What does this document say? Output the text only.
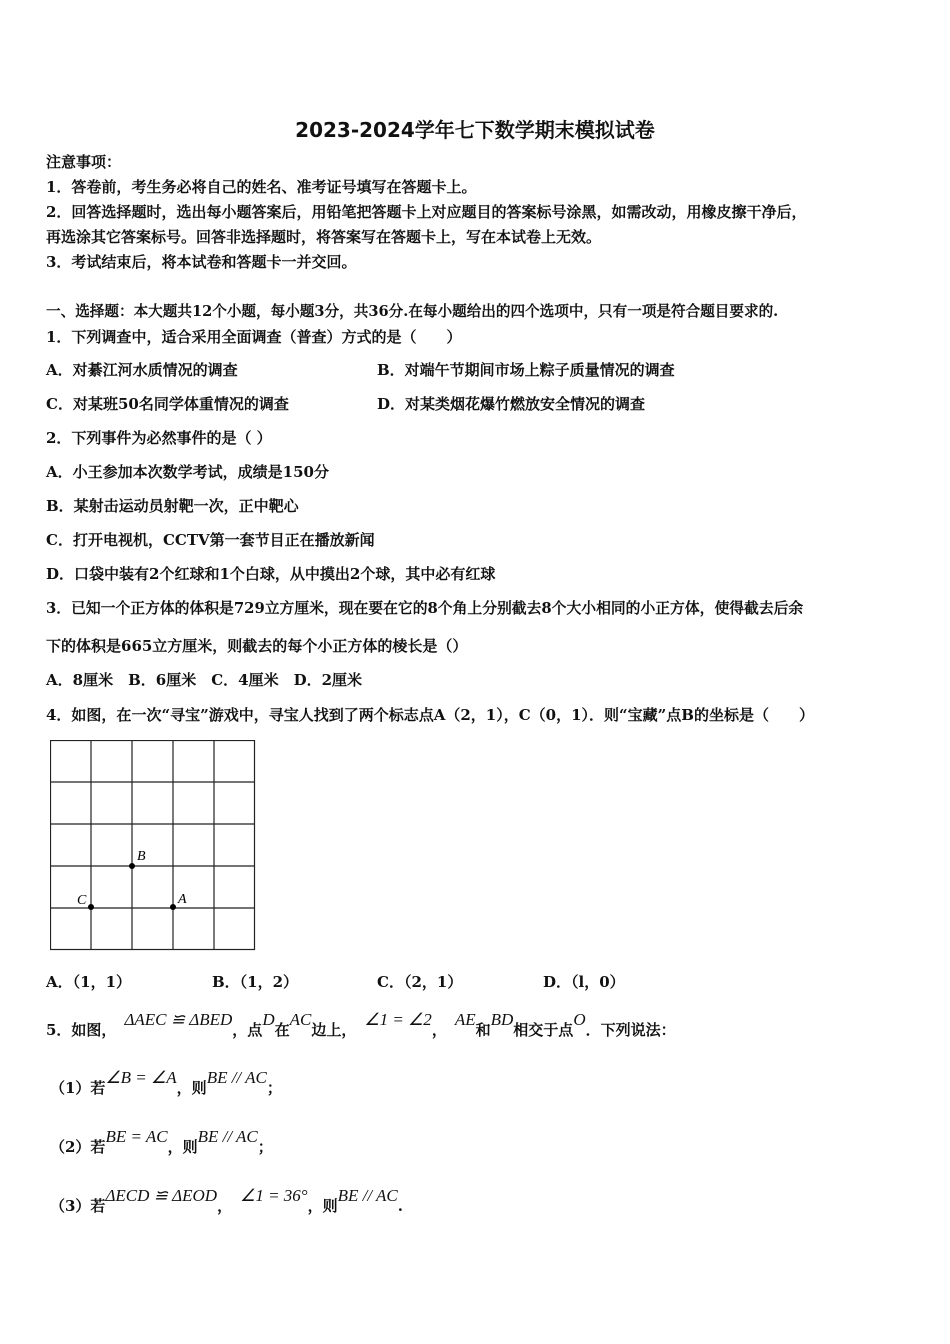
2023-2024学年七下数学期末模拟试卷
注意事项：
1．答卷前，考生务必将自己的姓名、准考证号填写在答题卡上。
2．回答选择题时，选出每小题答案后，用铅笔把答题卡上对应题目的答案标号涂黑，如需改动，用橡皮擦干净后，
再选涂其它答案标号。回答非选择题时，将答案写在答题卡上，写在本试卷上无效。
3．考试结束后，将本试卷和答题卡一并交回。
一、选择题：本大题共12个小题，每小题3分，共36分.在每小题给出的四个选项中，只有一项是符合题目要求的.
1．下列调查中，适合采用全面调查（普查）方式的是（　　）
A．对綦江河水质情况的调查	B．对端午节期间市场上粽子质量情况的调查
C．对某班50名同学体重情况的调查	D．对某类烟花爆竹燃放安全情况的调查
2．下列事件为必然事件的是（ ）
A．小王参加本次数学考试，成绩是150分
B．某射击运动员射靶一次，正中靶心
C．打开电视机，CCTV第一套节目正在播放新闻
D．口袋中装有2个红球和1个白球，从中摸出2个球，其中必有红球
3．已知一个正方体的体积是729立方厘米，现在要在它的8个角上分别截去8个大小相同的小正方体，使得截去后余
下的体积是665立方厘米，则截去的每个小正方体的棱长是（）
A．8厘米　B．6厘米　C．4厘米　D．2厘米
4．如图，在一次“寻宝”游戏中，寻宝人找到了两个标志点A（2，1），C（0，1）．则“宝藏”点B的坐标是（　　）
C
B
A
A．（1，1）	B．（1，2）	C．（2，1）	D．（l，0）
5．如图，ΔAEC ≌ ΔBED，点D在AC边上，∠1 = ∠2，AE和BD相交于点O．下列说法：
（1）若∠B = ∠A，则BE // AC；
（2）若BE = AC，则BE // AC；
（3）若ΔECD ≌ ΔEOD，∠1 = 36°，则BE // AC.
